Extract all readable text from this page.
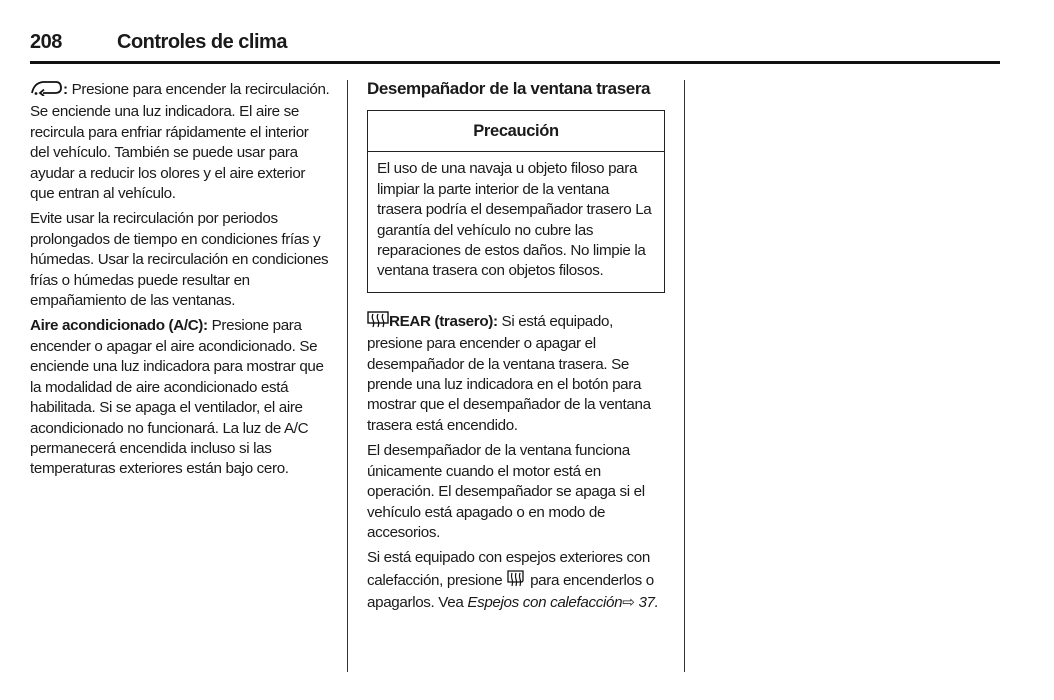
208	Controles de clima

: Presione para encender la recirculación. Se enciende una luz indicadora. El aire se recircula para enfriar rápidamente el interior del vehículo. También se puede usar para ayudar a reducir los olores y el aire exterior que entran al vehículo.

Evite usar la recirculación por periodos prolongados de tiempo en condiciones frías y húmedas. Usar la recirculación en condiciones frías o húmedas puede resultar en empañamiento de las ventanas.

Aire acondicionado (A/C): Presione para encender o apagar el aire acondicionado. Se enciende una luz indicadora para mostrar que la modalidad de aire acondicionado está habilitada. Si se apaga el ventilador, el aire acondicionado no funcionará. La luz de A/C permanecerá encendida incluso si las temperaturas exteriores están bajo cero.

Desempañador de la ventana trasera

Precaución
El uso de una navaja u objeto filoso para limpiar la parte interior de la ventana trasera podría el desempañador trasero La garantía del vehículo no cubre las reparaciones de estos daños. No limpie la ventana trasera con objetos filosos.

REAR (trasero): Si está equipado, presione para encender o apagar el desempañador de la ventana trasera. Se prende una luz indicadora en el botón para mostrar que el desempañador de la ventana trasera está encendido.

El desempañador de la ventana funciona únicamente cuando el motor está en operación. El desempañador se apaga si el vehículo está apagado o en modo de accesorios.

Si está equipado con espejos exteriores con calefacción, presione  para encenderlos o apagarlos. Vea Espejos con calefacción⇨ 37.
